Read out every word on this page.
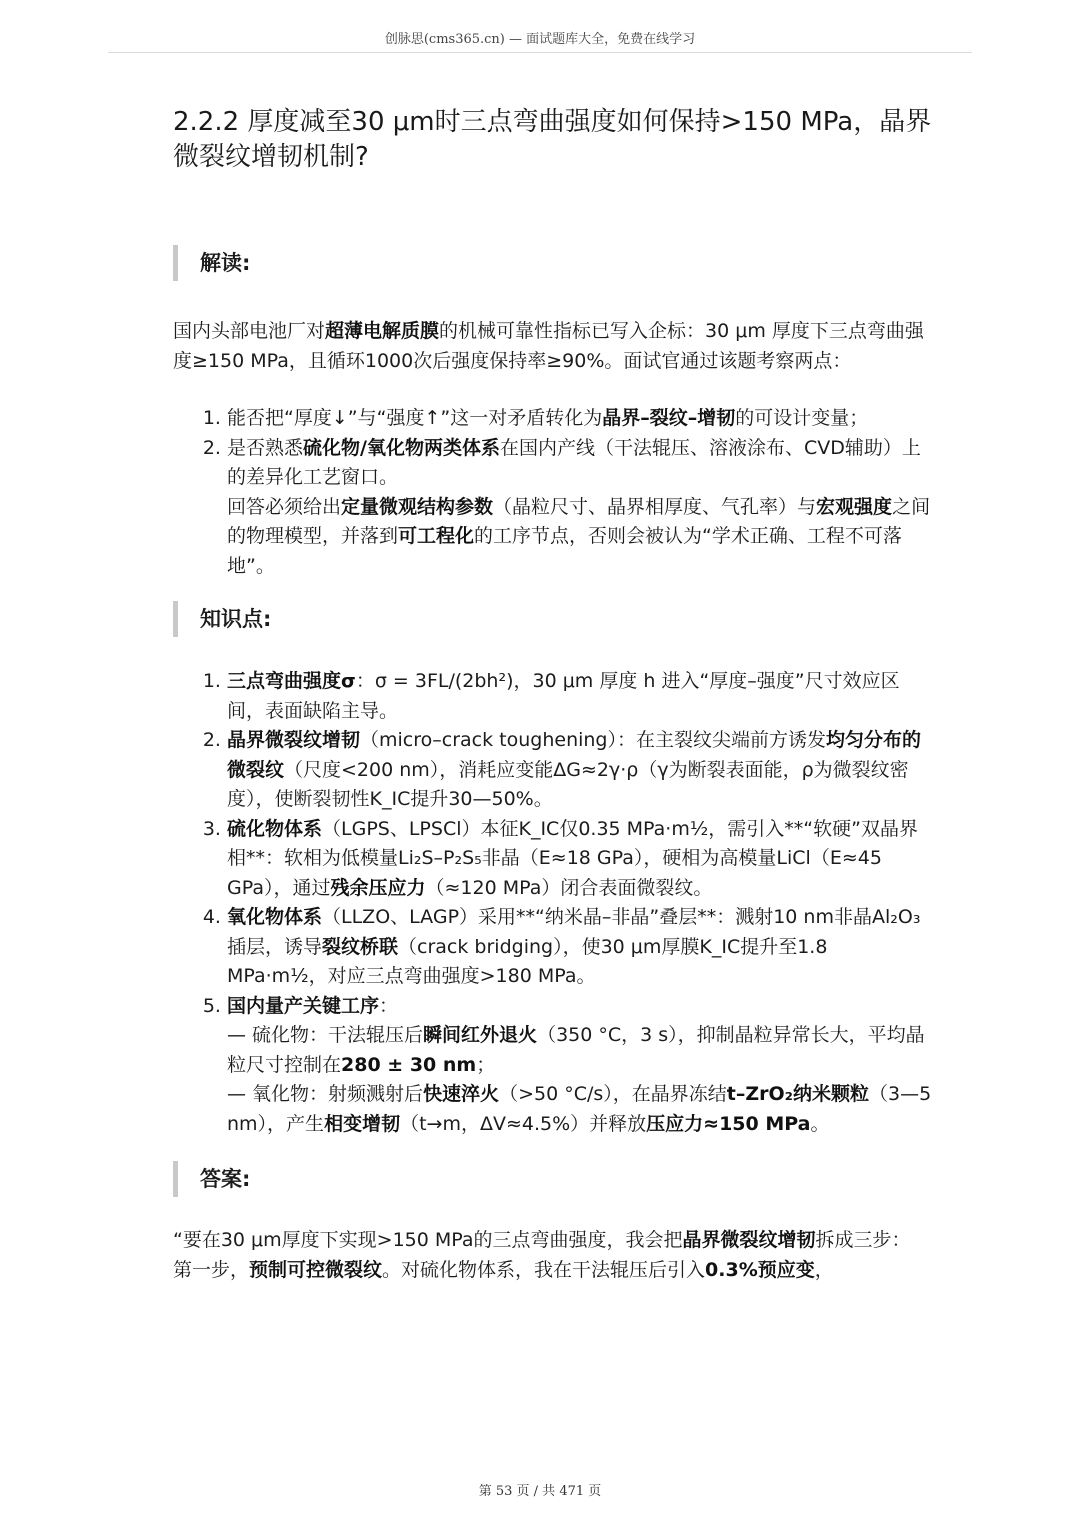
创脉思(cms365.cn) — 面试题库大全，免费在线学习
2.2.2 厚度减至30 μm时三点弯曲强度如何保持>150 MPa，晶界微裂纹增韧机制?
解读:

国内头部电池厂对超薄电解质膜的机械可靠性指标已写入企标：30 μm 厚度下三点弯曲强度≥150 MPa，且循环1000次后强度保持率≥90%。面试官通过该题考察两点：

1. 能否把“厚度↓”与“强度↑”这一对矛盾转化为晶界–裂纹–增韧的可设计变量；
2. 是否熟悉硫化物/氧化物两类体系在国内产线（干法辊压、溶液涂布、CVD辅助）上的差异化工艺窗口。
回答必须给出定量微观结构参数（晶粒尺寸、晶界相厚度、气孔率）与宏观强度之间的物理模型，并落到可工程化的工序节点，否则会被认为“学术正确、工程不可落地”。
知识点:
1. 三点弯曲强度σ：σ = 3FL/(2bh²)，30 μm 厚度 h 进入“厚度–强度”尺寸效应区间，表面缺陷主导。
2. 晶界微裂纹增韧（micro–crack toughening）：在主裂纹尖端前方诱发均匀分布的微裂纹（尺度<200 nm），消耗应变能ΔG≈2γ·ρ（γ为断裂表面能，ρ为微裂纹密度），使断裂韧性K_IC提升30—50%。
3. 硫化物体系（LGPS、LPSCl）本征K_IC仅0.35 MPa·m½，需引入**“软硬”双晶界相**：软相为低模量Li₂S–P₂S₅非晶（E≈18 GPa），硬相为高模量LiCl（E≈45 GPa），通过残余压应力（≈120 MPa）闭合表面微裂纹。
4. 氧化物体系（LLZO、LAGP）采用**“纳米晶–非晶”叠层**：溅射10 nm非晶Al₂O₃插层，诱导裂纹桥联（crack bridging），使30 μm厚膜K_IC提升至1.8 MPa·m½，对应三点弯曲强度>180 MPa。
5. 国内量产关键工序：
— 硫化物：干法辊压后瞬间红外退火（350 °C，3 s），抑制晶粒异常长大，平均晶粒尺寸控制在280 ± 30 nm；
— 氧化物：射频溅射后快速淬火（>50 °C/s），在晶界冻结t–ZrO₂纳米颗粒（3—5 nm），产生相变增韧（t→m，ΔV≈4.5%）并释放压应力≈150 MPa。
答案:

“要在30 μm厚度下实现>150 MPa的三点弯曲强度，我会把晶界微裂纹增韧拆成三步：

第一步，预制可控微裂纹。对硫化物体系，我在干法辊压后引入0.3%预应变，

第 53 页 / 共 471 页
